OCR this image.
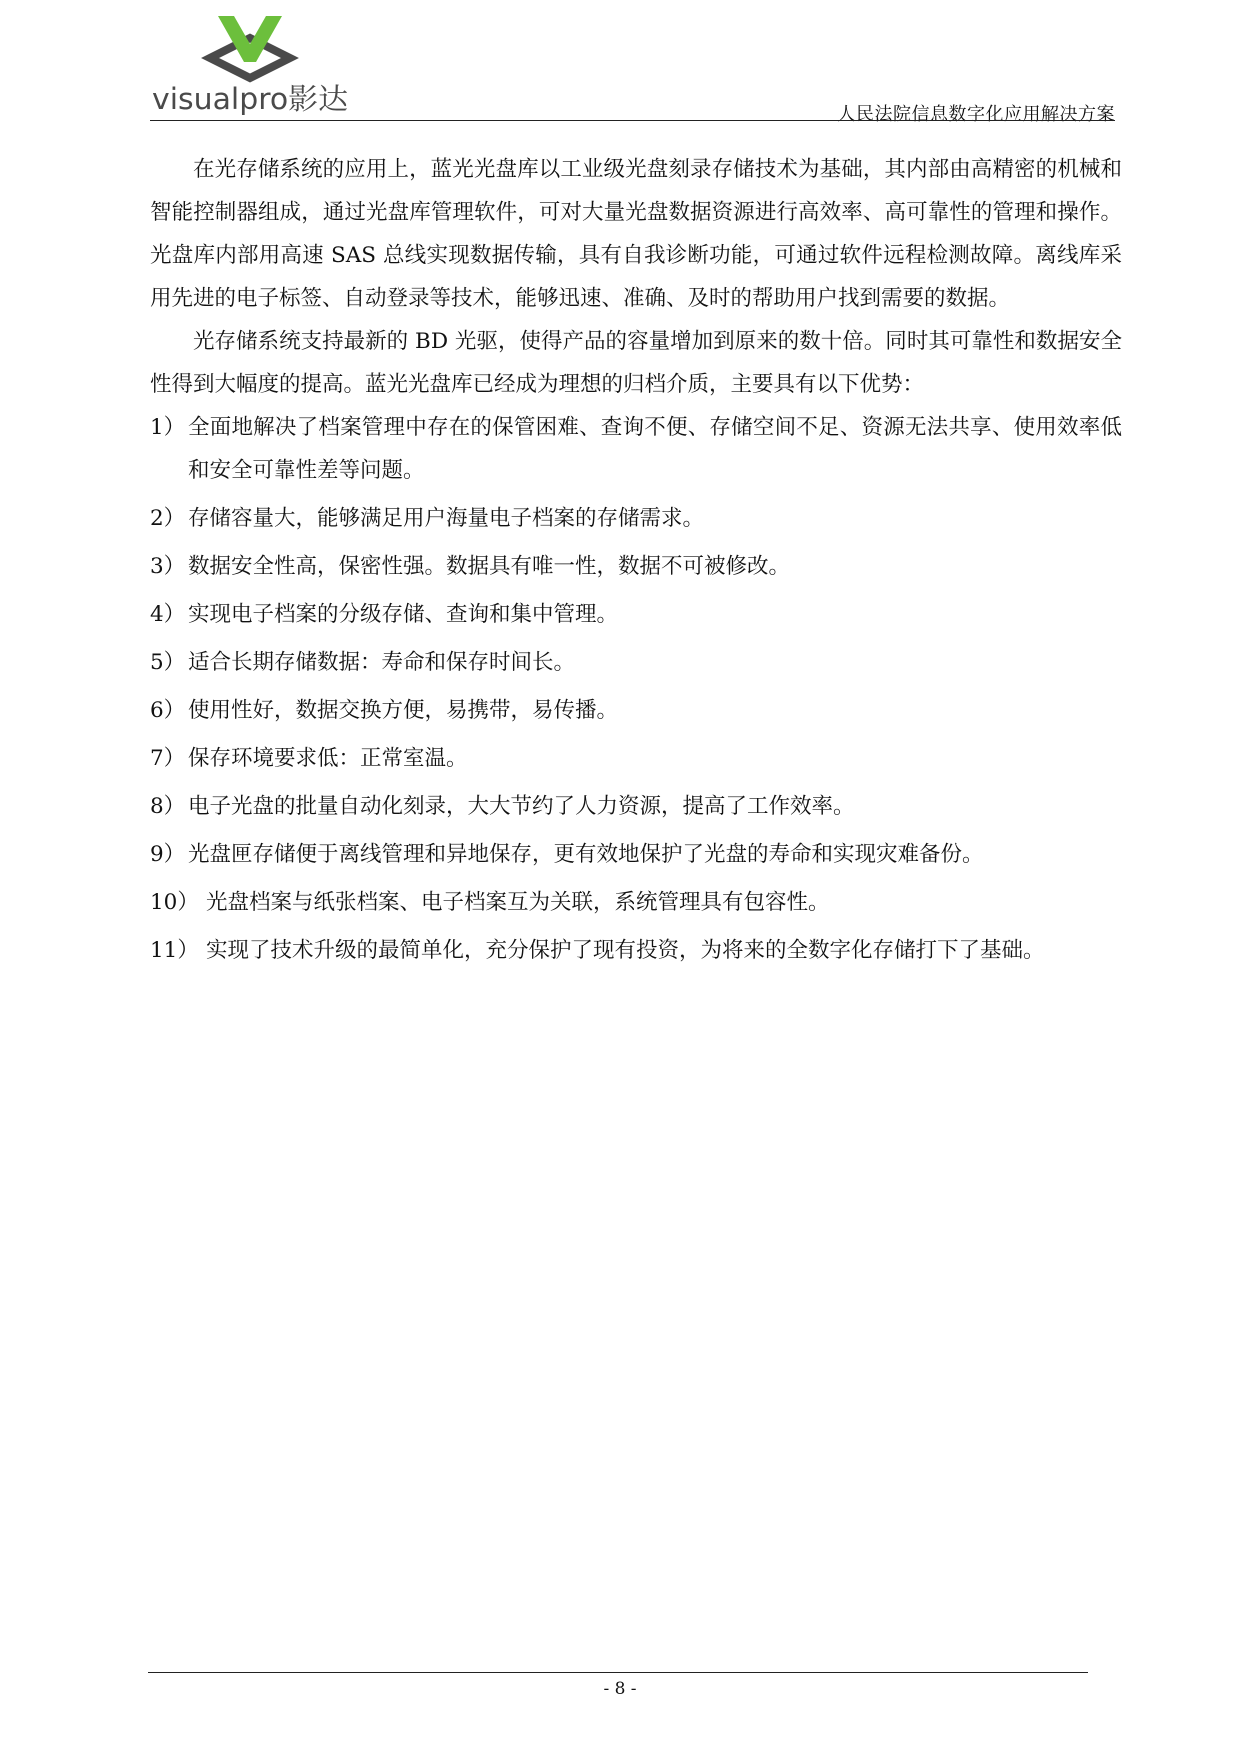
visualpro影达	人民法院信息数字化应用解决方案

在光存储系统的应用上，蓝光光盘库以工业级光盘刻录存储技术为基础，其内部由高精密的机械和智能控制器组成，通过光盘库管理软件，可对大量光盘数据资源进行高效率、高可靠性的管理和操作。光盘库内部用高速 SAS 总线实现数据传输，具有自我诊断功能，可通过软件远程检测故障。离线库采用先进的电子标签、自动登录等技术，能够迅速、准确、及时的帮助用户找到需要的数据。

光存储系统支持最新的 BD 光驱，使得产品的容量增加到原来的数十倍。同时其可靠性和数据安全性得到大幅度的提高。蓝光光盘库已经成为理想的归档介质，主要具有以下优势：

1） 全面地解决了档案管理中存在的保管困难、查询不便、存储空间不足、资源无法共享、使用效率低和安全可靠性差等问题。
2） 存储容量大，能够满足用户海量电子档案的存储需求。
3） 数据安全性高，保密性强。数据具有唯一性，数据不可被修改。
4） 实现电子档案的分级存储、查询和集中管理。
5） 适合长期存储数据：寿命和保存时间长。
6） 使用性好，数据交换方便，易携带，易传播。
7） 保存环境要求低：正常室温。
8） 电子光盘的批量自动化刻录，大大节约了人力资源，提高了工作效率。
9） 光盘匣存储便于离线管理和异地保存，更有效地保护了光盘的寿命和实现灾难备份。
10） 光盘档案与纸张档案、电子档案互为关联，系统管理具有包容性。
11） 实现了技术升级的最简单化，充分保护了现有投资，为将来的全数字化存储打下了基础。
- 8 -
